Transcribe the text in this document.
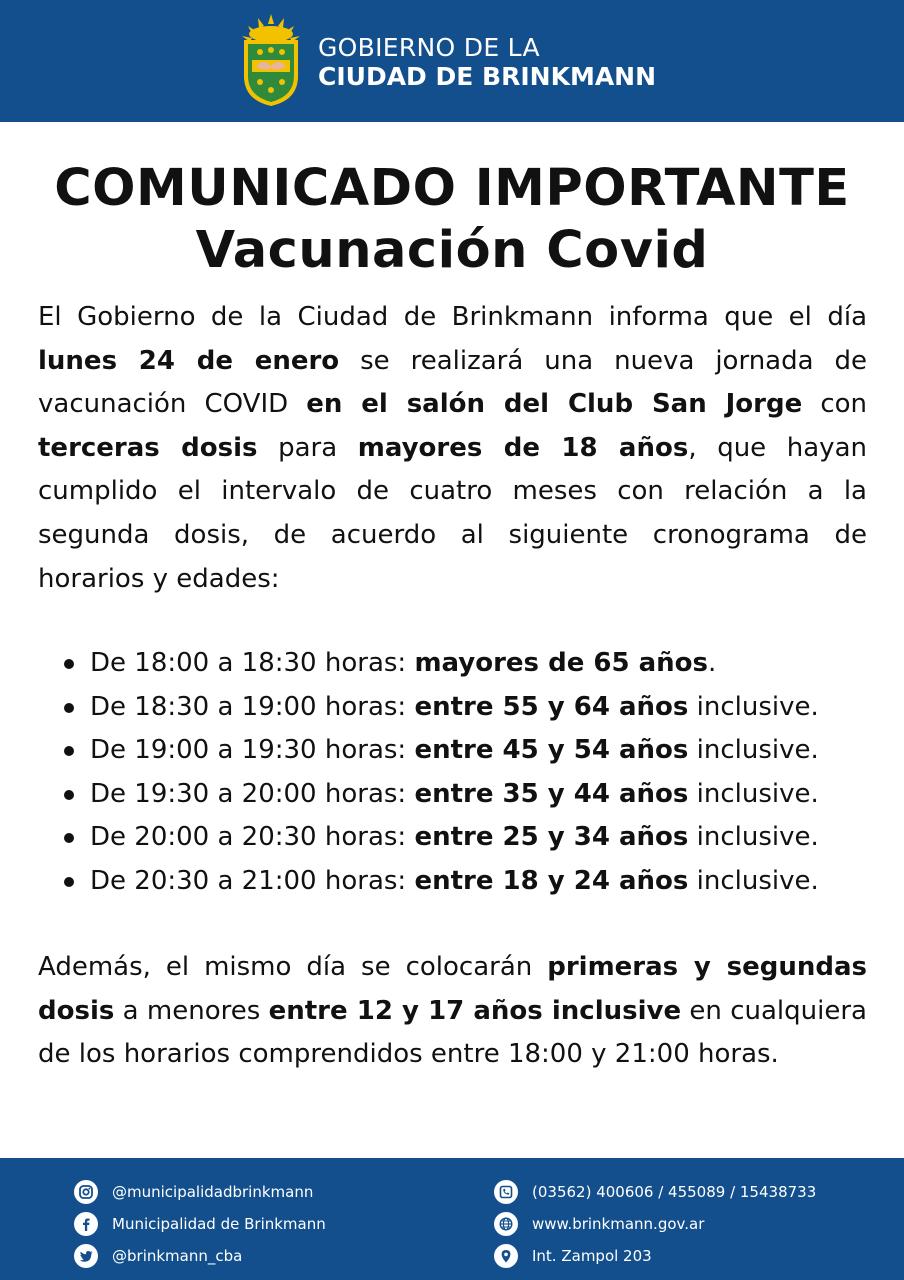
GOBIERNO DE LA
CIUDAD DE BRINKMANN
COMUNICADO IMPORTANTE
Vacunación Covid
El Gobierno de la Ciudad de Brinkmann informa que el día lunes 24 de enero se realizará una nueva jornada de vacunación COVID en el salón del Club San Jorge con terceras dosis para mayores de 18 años, que hayan cumplido el intervalo de cuatro meses con relación a la segunda dosis, de acuerdo al siguiente cronograma de horarios y edades:
De 18:00 a 18:30 horas: mayores de 65 años.
De 18:30 a 19:00 horas: entre 55 y 64 años inclusive.
De 19:00 a 19:30 horas: entre 45 y 54 años inclusive.
De 19:30 a 20:00 horas: entre 35 y 44 años inclusive.
De 20:00 a 20:30 horas: entre 25 y 34 años inclusive.
De 20:30 a 21:00 horas: entre 18 y 24 años inclusive.
Además, el mismo día se colocarán primeras y segundas dosis a menores entre 12 y 17 años inclusive en cualquiera de los horarios comprendidos entre 18:00 y 21:00 horas.
@municipalidadbrinkmann
Municipalidad de Brinkmann
@brinkmann_cba
(03562) 400606 / 455089 / 15438733
www.brinkmann.gov.ar
Int. Zampol 203
